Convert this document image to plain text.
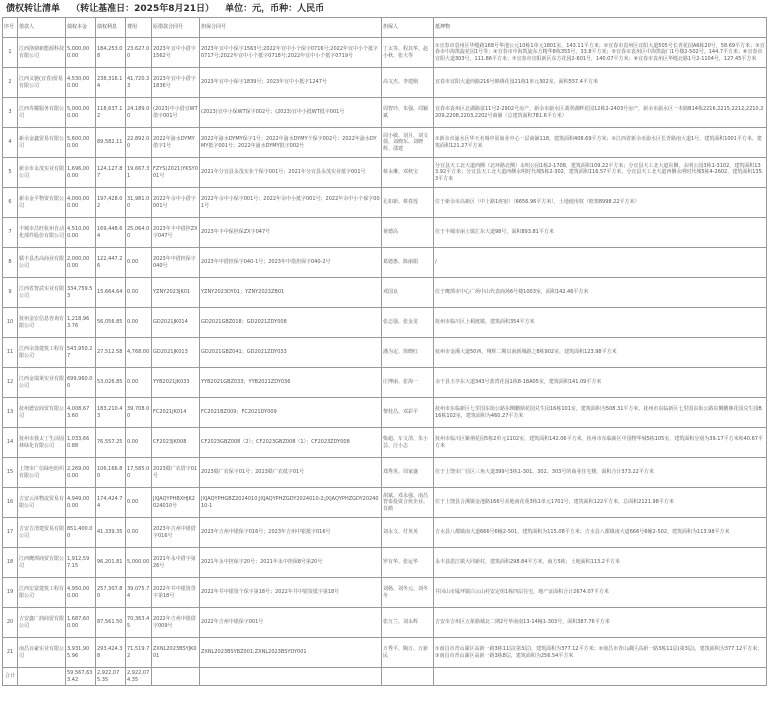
债权转让清单 （转让基准日：2025年8月21日） 单位：元，币种：人民币
序号	借款人	债权本金	债权利息	费用	原借款合同号	担保合同号	担保人	抵押物
1	江西洛鼎新能源科技有限公司	5,000,000.00	184,253.08	23,627.00	2023年宜中小借字1562号	2023年宜中小保字1563号;2022年宜中小个保字0716号;2022年宜中小个抵字0717号;2022年宜中小个抵字0718号;2022年宜中小个抵字0719号	丁太等、程其华、赵小秋、张大等	①宜春市袁州区华缝路168号华池公元10栋1单元1801室，143.11平方米；②宜春市袁州区宜阳大道505号长青花园A6栋20号，58.69平方米；③宜春市中海凯旋花园1号等；④宜春市中海凯旋东方精华8栋355号，33.8平方米；⑤宜春市袁州区中海凯旋门1号楼2-502号，144.7平方米；⑥宜春市宜阳大道303号，111.86平方米；⑦宜春市宜阳新区东方花园2-601号，140.07平方米；⑧宜春市袁州区华缝北路1号2-1104号，127.45平方米
2	江西义驰(宜春)贸易有限公司	4,530,000.00	238,316.14	41,720.33	2023年宜中小借字1836号	2023年宜中小保字1839号；2023年宜中小抵字1247号	高文杰、李建刚	宜春市宜阳大道西路216号锦绣花园21栋1单元302室，面积557.4平方米
3	江西寿耀服务有限公司	5,000,000.00	118,637.12	24,189.00	(2023)中小借宜WT借字001号	(2023)宜中小保WT保字002号；(2023)宜中小抵WT抵字001号	周智玲、朱强、周颖斌	宜春市袁州区北湖路富11号2-2902号房产，新余市渝水区翡翠湖畔花园12栋2-2403号房产，新余市渝水区一本路B14栋2216,2215,2212,2210,2209,2208,2203,2202号商铺（总建筑面积781.6平方米）
4	新余金鑫贸易有限公司	5,600,000.00	89,582.11	22,892.00	2022年渝水DYMY借字1号	2022年渝水DYMY保字1号；2022年渝水DYMY个保字002号；2022年渝水DYMY抵字001号；2022年渝水DYMY抵字002号	周小敏、刘月、刘文倩、刘晓东、刘晓辉、邵建	①新余市渝水区华天名城中原商业中心一层商铺118，建筑面积408.69平方米；②江西省新余市渝水区长青路南大道1号，建筑面积1001平方米，建筑面积121.27平方米
5	新余市永茂实业有限公司	1,696,000.00	124,127.87	19,667.31	FZYS(2021)YKSY001号	2021年分宜县永茂实业个保字001号；2021年分宜县永茂实业抵字001号	蔡永琳、邓秋宝	分宜县天工北大道西侧（北环路北侧）永明公园1栋2-1708，建筑面积109.22平方米；分宜县天工北大道东侧，永明公园3栋1-3102，建筑面积133.92平方米；分宜县天工北大道西侧永明时代城5栋2-302，建筑面积116.57平方米，分宜县天工北大道西侧永明时代城5栋4-2602，建筑面积135.3平方米
6	新余金平物资有限公司	4,000,000.00	197,428.02	31,981.00	2022年余中小借字001号	2022年余中小保字001号；2022年余中小抵字001号；2022年余中小个保字001号	孔如新、蔡春莲	位于新余市高新区（中上路1座宿）（6656.96平方米），土地使用权（框架8998.22平方米）
7	丰城市昌旺杭州自动化部件股份有限公司	4,510,000.00	169,448.64	25,064.00	2023年丰中借担ZX字047号	2023年丰中保担保ZX字047号	黄德高	位于丰城市丽土镇汇东大道98号，面积893.81平方米
8	赣丰县杰高商业有限公司	2,000,000.00	122,447.26	0.00	2023年中借担保字040号	2023年中借担保字040-1号；2023年中借担保字040-2号	葛德惠、陈丽娟	/
9	江西省智武实业有限公司	334,759.53	15,664.64	0.00	YZNY2023JK01	YZNY2023DY01；YZNY2023ZB01	邓国良	位于鹰潭市中心广场中山代表商场6号楼1003室，面积142.46平方米
10	抚州金宏信息咨询有限公司	1,218,963.76	56,056.85	0.00	GD2021JK014	GD2021GBZ018；GD2021ZDY008	张志强、张金龙	抚州市临川区上顿渡镇，建筑面积354平方米
11	江西余蒸建筑工程有限公司	543,950.27	27,512.58	4,768.00	GD2021JK013	GD2021GBZ041；GD2021ZDY033	潘为定、徐晓红	抚州市金溪大道50西，翔辉二期以南新城路之8栋902室，建筑面积123.98平方米
12	江西金瑞莱实业有限公司	699,960.00	53,026.85	0.00	YYB2021JK033	YYB2021GBZ033；YYB2021ZDY036	庄博丽、张海一	余干县玉亭东大道343号蓝湾花园1栋8-18A05室，建筑面积141.09平方米
13	抚州德安商贸有限公司	4,008,673.60	183,210.43	39,708.00	FC2021JK014	FC2021BZ009；FC2021DY009	黎桂昌、邓彩平	抚州市东临新区七里国东街公路东侧鹏鼎花园兑生园16栋101室，建筑面积为508.31平方米，抚州市东临新区七里国东街公路东侧鹏鼎花园兑生园B16栋102室，建筑面积为460.27平方米
14	抚州市我太丁生活园林绿化有限公司	1,033,660.88	76,557.25	0.00	CF2023JK008	CF2023GBZ008（2）；CF2023GBZ008（1）；CF2023ZDY008	柴超、车文清、朱小芸、汪小志	抚州市临川区紫荆花园5栋2单元1102室，建筑面积142.06平方米，抚州市东临新区中国物华城5栋105室，建筑面积分别为39.17平方米和40.67平方米
15	上饶市广信绿色纺织有限公司	2,269,000.00	106,166.80	17,585.00	2023赣广农借字01号	2023赣广农保字01号；2023赣广农抵字01号	郑秀英、周家盛	位于上饶市广信区三角大道399号3栋1-301、302、303号的商业住宅楼，面积合计373.22平方米
16	吉安云沐物流贸易有限公司	4,949,000.00	174,424.74	0.00	JXJAQYPHBXHJK2024010号	JXJAQYPHGBZ2024010;JXJAQYPHZGDY2024010-2;JXJAQYPHZGDY2024010-1	胡斌、邓永强、南昌智泰投资合伙企业、肖鹤	位于上饶县合溪镇金池路166号美地南花苑3栋1单元1701号，建筑面积122平方米，总面积2121.98平方米
17	吉安吉清建贸易有限公司	851,400.00	41,339.35	0.00	2023年吉州中银借字016号	2023年吉州中银保字016号；2023年吉州中银抵字016号	刘永文、付英英	吉水县八都镇南大道666号6幢2-501，建筑面积为115.08平方米；吉水县八都镇南大道666号6幢2-502，建筑面积为113.98平方米
18	江西鹰潭商贸有限公司	1,912,597.15	96,201.81	5,000.00	2021年永中借字第26号	2021年永中担保字20号；2021年永中担保8号第20号	罗有华、张运华	永丰县恩江镇大同新村，建筑面积298.84平方米，商方5栋；土地面积113.2平方米
19	江西宏富建筑工程有限公司	4,950,000.00	257,307.80	39,075.74	2022年井中银资贷字第18号	2022年井中银资个保字第18号；2022年井中银资抵字第18号	刘杨、刘冬元、刘冬冬	井冈山市厦坪镇白云山村安定组1栋四层住宅，地产证面积合计2674.07平方米
20	吉安鑫广润商贸有限公司	1,687,600.00	87,561.50	70,363.45	2022年吉州中银借字009号	2022年吉州中银保字001号	张万兰、刘永辉	吉安市吉州区五象路城北二期2号华南南13-14幢1-303号，面积387.76平方米
21	南昌百豪实业有限公司	3,931,905.96	293,424.38	71,519.72	ZXNL2023BSYJK001	ZXNL2023BSYBZ001;ZXNL2023BSYDY001	万秀平、陶万、万新民	①南昌市青山湖区高新一路3栋11层(第3层)，建筑面积为377.12平方米；②南昌市青山湖区高新一路3栋11层(第3层)，建筑面积为377.12平方米；③南昌市青山湖区高新一路3栋8层，建筑面积为256.54平方米
合计		59,567,633.42	2,922,075.35	2,922,074.35				
